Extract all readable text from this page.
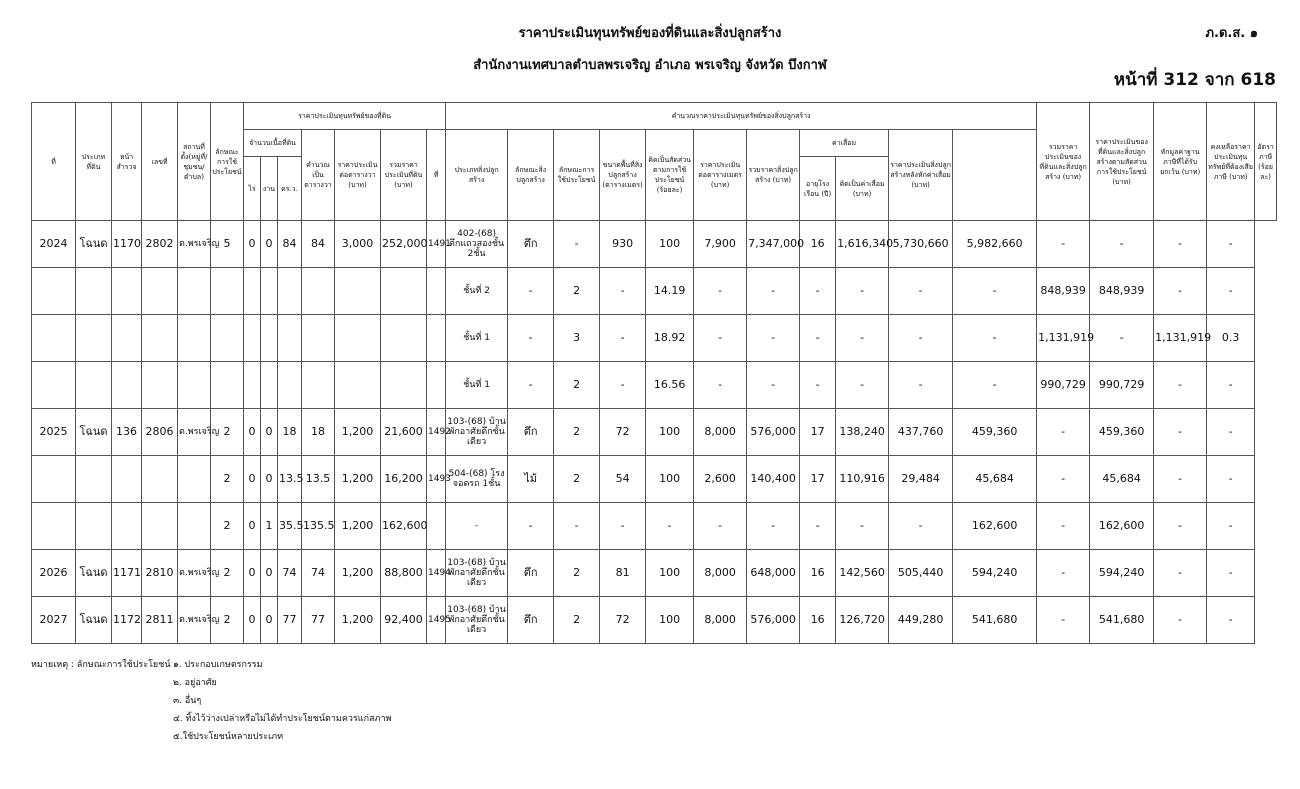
ราคาประเมินทุนทรัพย์ของที่ดินและสิ่งปลูกสร้าง
สำนักงานเทศบาลตำบลพรเจริญ อำเภอ พรเจริญ จังหวัด บึงกาฬ
ภ.ด.ส. ๑
หน้าที่ 312 จาก 618
ที่	ประเภทที่ดิน	หน้าสำรวจ	เลขที่	สถานที่ตั้ง(หมู่ที่/ชุมชน/ตำบล)	ลักษณะการใช้ประโยชน์	ราคาประเมินทุนทรัพย์ของที่ดิน							คำนวณราคาประเมินทุนทรัพย์ของสิ่งปลูกสร้าง											รวมราคาประเมินของที่ดินและสิ่งปลูกสร้าง (บาท)	ราคาประเมินของที่ดินและสิ่งปลูกสร้างตามสัดส่วนการใช้ประโยชน์ (บาท)	หักมูลค่าฐานภาษีที่ได้รับยกเว้น (บาท)	คงเหลือราคาประเมินทุนทรัพย์ที่ต้องเสียภาษี (บาท)	อัตราภาษี (ร้อยละ)
						จำนวนเนื้อที่ดิน			คำนวณเป็นตารางวา	ราคาประเมินต่อตารางวา (บาท)	รวมราคาประเมินที่ดิน (บาท)	ที่	ประเภทสิ่งปลูกสร้าง	ลักษณะสิ่งปลูกสร้าง	ลักษณะการใช้ประโยชน์	ขนาดพื้นที่สิ่งปลูกสร้าง (ตารางเมตร)	คิดเป็นสัดส่วนตามการใช้ประโยชน์ (ร้อยละ)	ราคาประเมินต่อตารางเมตร (บาท)	รวมราคาสิ่งปลูกสร้าง (บาท)	ค่าเสื่อม		ราคาประเมินสิ่งปลูกสร้างหลังหักค่าเสื่อม (บาท)						
						ไร่	งาน	ตร.ว.												อายุโรงเรือน (ปี)	คิดเป็นค่าเสื่อม (บาท)							
2024	โฉนด	1170	2802	ต.พรเจริญ	5	0	0	84	84	3,000	252,000	1491	402-(68) ตึกแถวสองชั้น 2ชั้น	ตึก	-	930	100	7,900	7,347,000	16	1,616,340	5,730,660	5,982,660	-	-	-	-	
													ชั้นที่ 2	-	2	-	14.19	-	-	-	-	-	-	848,939	848,939	-	-	
													ชั้นที่ 1	-	3	-	18.92	-	-	-	-	-	-	1,131,919	-	1,131,919	0.3	
													ชั้นที่ 1	-	2	-	16.56	-	-	-	-	-	-	990,729	990,729	-	-	
2025	โฉนด	136	2806	ต.พรเจริญ	2	0	0	18	18	1,200	21,600	1492	103-(68) บ้านพักอาศัยตึกชั้นเดียว	ตึก	2	72	100	8,000	576,000	17	138,240	437,760	459,360	-	459,360	-	-	
					2	0	0	13.5	13.5	1,200	16,200	1493	504-(68) โรงจอดรถ 1ชั้น	ไม้	2	54	100	2,600	140,400	17	110,916	29,484	45,684	-	45,684	-	-	
					2	0	1	35.5	135.5	1,200	162,600		-	-	-	-	-	-	-	-	-	-	162,600	-	162,600	-	-	
2026	โฉนด	1171	2810	ต.พรเจริญ	2	0	0	74	74	1,200	88,800	1494	103-(68) บ้านพักอาศัยตึกชั้นเดียว	ตึก	2	81	100	8,000	648,000	16	142,560	505,440	594,240	-	594,240	-	-	
2027	โฉนด	1172	2811	ต.พรเจริญ	2	0	0	77	77	1,200	92,400	1495	103-(68) บ้านพักอาศัยตึกชั้นเดียว	ตึก	2	72	100	8,000	576,000	16	126,720	449,280	541,680	-	541,680	-	-	
หมายเหตุ : ลักษณะการใช้ประโยชน์ ๑. ประกอบเกษตรกรรม
๒. อยู่อาศัย
๓. อื่นๆ
๔. ทิ้งไว้ว่างเปล่าหรือไม่ได้ทำประโยชน์ตามควรแก่สภาพ
๕.ใช้ประโยชน์หลายประเภท
